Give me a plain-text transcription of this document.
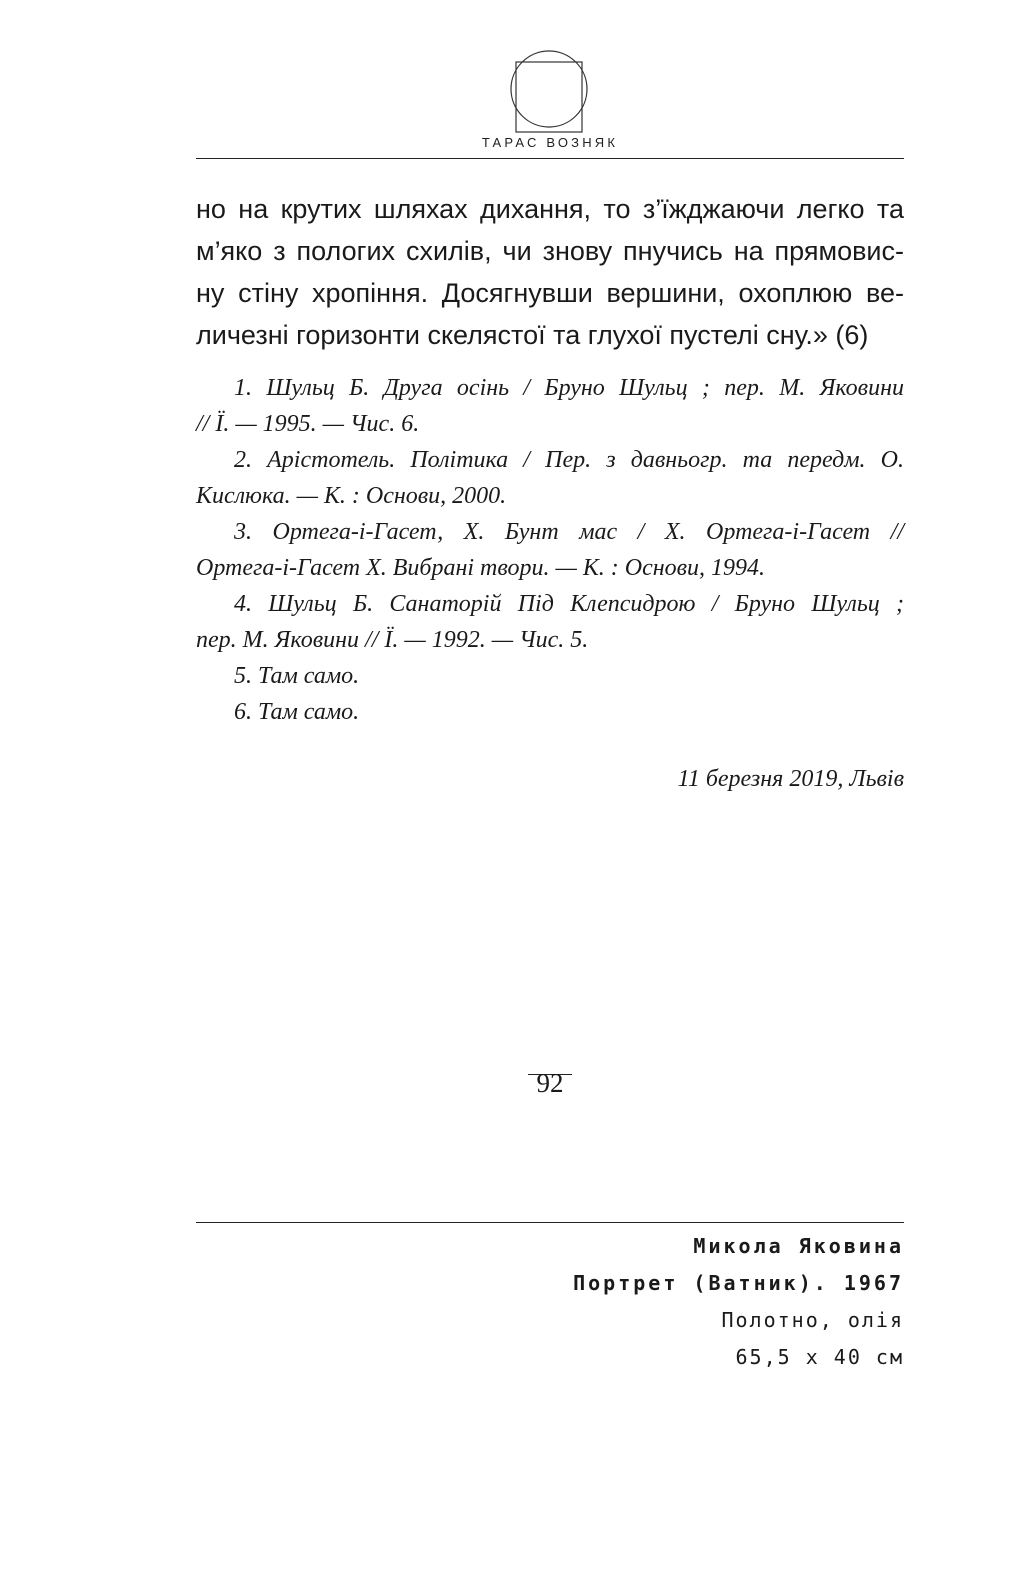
ТАРАС ВОЗНЯК
но на крутих шляхах дихання, то з’їжджаючи легко та
м’яко з пологих схилів, чи знову пнучись на прямовис-
ну стіну хропіння. Досягнувши вершини, охоплюю ве-
личезні горизонти скелястої та глухої пустелі сну.» (6)
1. Шульц Б. Друга осінь / Бруно Шульц ; пер. М. Яковини
// Ї. — 1995. — Чис. 6.
2. Арістотель. Політика / Пер. з давньогр. та передм. О.
Кислюка. — К. : Основи, 2000.
3. Ортега-і-Гасет, Х. Бунт мас / Х. Ортега-і-Гасет //
Ортега-і-Гасет Х. Вибрані твори. — К. : Основи, 1994.
4. Шульц Б. Санаторій Під Клепсидрою / Бруно Шульц ;
пер. М. Яковини // Ї. — 1992. — Чис. 5.
5. Там само.
6. Там само.
11 березня 2019, Львів
92
Микола Яковина
Портрет (Ватник). 1967
Полотно, олія
65,5 х 40 см
